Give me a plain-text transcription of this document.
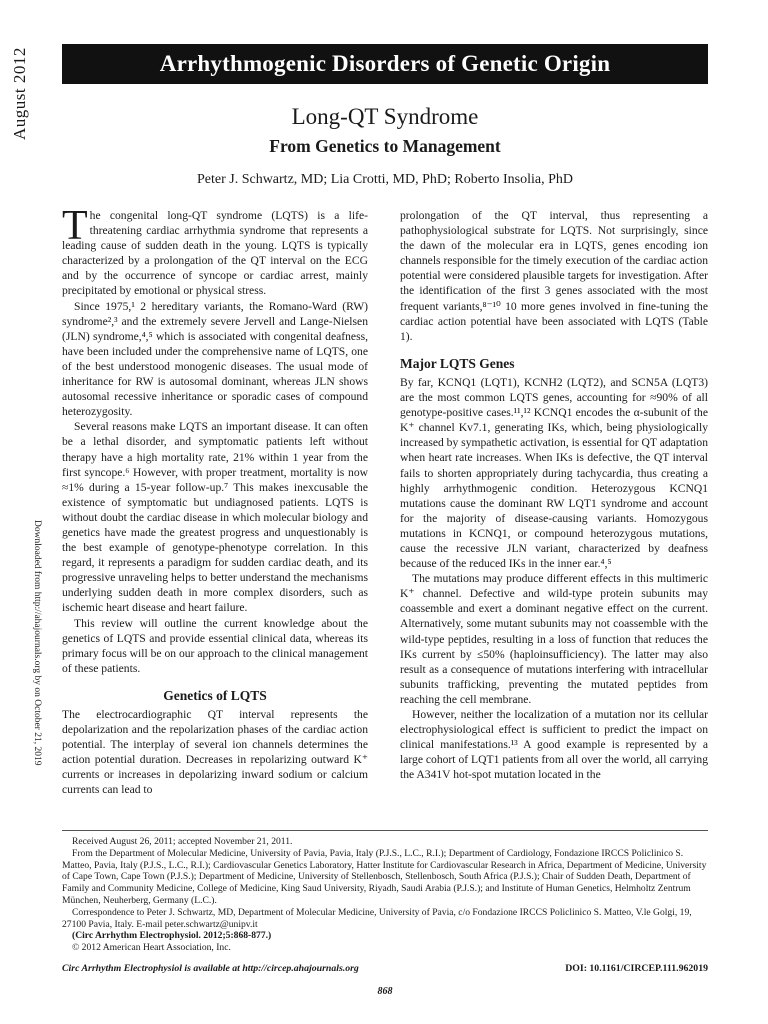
August 2012
Downloaded from http://ahajournals.org by on October 21, 2019
Arrhythmogenic Disorders of Genetic Origin
Long-QT Syndrome
From Genetics to Management
Peter J. Schwartz, MD; Lia Crotti, MD, PhD; Roberto Insolia, PhD

The congenital long-QT syndrome (LQTS) is a life-threatening cardiac arrhythmia syndrome that represents a leading cause of sudden death in the young. LQTS is typically characterized by a prolongation of the QT interval on the ECG and by the occurrence of syncope or cardiac arrest, mainly precipitated by emotional or physical stress.

Since 1975,¹ 2 hereditary variants, the Romano-Ward (RW) syndrome²,³ and the extremely severe Jervell and Lange-Nielsen (JLN) syndrome,⁴,⁵ which is associated with congenital deafness, have been included under the comprehensive name of LQTS, one of the best understood monogenic diseases. The usual mode of inheritance for RW is autosomal dominant, whereas JLN shows autosomal recessive inheritance or sporadic cases of compound heterozygosity.

Several reasons make LQTS an important disease. It can often be a lethal disorder, and symptomatic patients left without therapy have a high mortality rate, 21% within 1 year from the first syncope.⁶ However, with proper treatment, mortality is now ≈1% during a 15-year follow-up.⁷ This makes inexcusable the existence of symptomatic but undiagnosed patients. LQTS is without doubt the cardiac disease in which molecular biology and genetics have made the greatest progress and unquestionably is the best example of genotype-phenotype correlation. In this regard, it represents a paradigm for sudden cardiac death, and its progressive unraveling helps to better understand the mechanisms underlying sudden death in more complex disorders, such as ischemic heart disease and heart failure.

This review will outline the current knowledge about the genetics of LQTS and provide essential clinical data, whereas its primary focus will be on our approach to the clinical management of these patients.

Genetics of LQTS

The electrocardiographic QT interval represents the depolarization and the repolarization phases of the cardiac action potential. The interplay of several ion channels determines the action potential duration. Decreases in repolarizing outward K⁺ currents or increases in depolarizing inward sodium or calcium currents can lead to

prolongation of the QT interval, thus representing a pathophysiological substrate for LQTS. Not surprisingly, since the dawn of the molecular era in LQTS, genes encoding ion channels responsible for the timely execution of the cardiac action potential were considered plausible targets for investigation. After the identification of the first 3 genes associated with the most frequent variants,⁸⁻¹⁰ 10 more genes involved in fine-tuning the cardiac action potential have been associated with LQTS (Table 1).

Major LQTS Genes

By far, KCNQ1 (LQT1), KCNH2 (LQT2), and SCN5A (LQT3) are the most common LQTS genes, accounting for ≈90% of all genotype-positive cases.¹¹,¹² KCNQ1 encodes the α-subunit of the K⁺ channel Kv7.1, generating IKs, which, being physiologically increased by sympathetic activation, is essential for QT adaptation when heart rate increases. When IKs is defective, the QT interval fails to shorten appropriately during tachycardia, thus creating a highly arrhythmogenic condition. Heterozygous KCNQ1 mutations cause the dominant RW LQT1 syndrome and account for the majority of disease-causing variants. Homozygous mutations in KCNQ1, or compound heterozygous mutations, cause the recessive JLN variant, characterized by deafness because of the reduced IKs in the inner ear.⁴,⁵

The mutations may produce different effects in this multimeric K⁺ channel. Defective and wild-type protein subunits may coassemble and exert a dominant negative effect on the current. Alternatively, some mutant subunits may not coassemble with the wild-type peptides, resulting in a loss of function that reduces the IKs current by ≤50% (haploinsufficiency). The latter may also result as a consequence of mutations interfering with intracellular subunits trafficking, preventing the mutated peptides from reaching the cell membrane.

However, neither the localization of a mutation nor its cellular electrophysiological effect is sufficient to predict the impact on clinical manifestations.¹³ A good example is represented by a large cohort of LQT1 patients from all over the world, all carrying the A341V hot-spot mutation located in the

Received August 26, 2011; accepted November 21, 2011.

From the Department of Molecular Medicine, University of Pavia, Pavia, Italy (P.J.S., L.C., R.I.); Department of Cardiology, Fondazione IRCCS Policlinico S. Matteo, Pavia, Italy (P.J.S., L.C., R.I.); Cardiovascular Genetics Laboratory, Hatter Institute for Cardiovascular Research in Africa, Department of Medicine, University of Cape Town, Cape Town (P.J.S.); Department of Medicine, University of Stellenbosch, Stellenbosch, South Africa (P.J.S.); Chair of Sudden Death, Department of Family and Community Medicine, College of Medicine, King Saud University, Riyadh, Saudi Arabia (P.J.S.); and Institute of Human Genetics, Helmholtz Zentrum München, Neuherberg, Germany (L.C.).

Correspondence to Peter J. Schwartz, MD, Department of Molecular Medicine, University of Pavia, c/o Fondazione IRCCS Policlinico S. Matteo, V.le Golgi, 19, 27100 Pavia, Italy. E-mail peter.schwartz@unipv.it

(Circ Arrhythm Electrophysiol. 2012;5:868-877.)

© 2012 American Heart Association, Inc.

Circ Arrhythm Electrophysiol is available at http://circep.ahajournals.org	DOI: 10.1161/CIRCEP.111.962019
868
